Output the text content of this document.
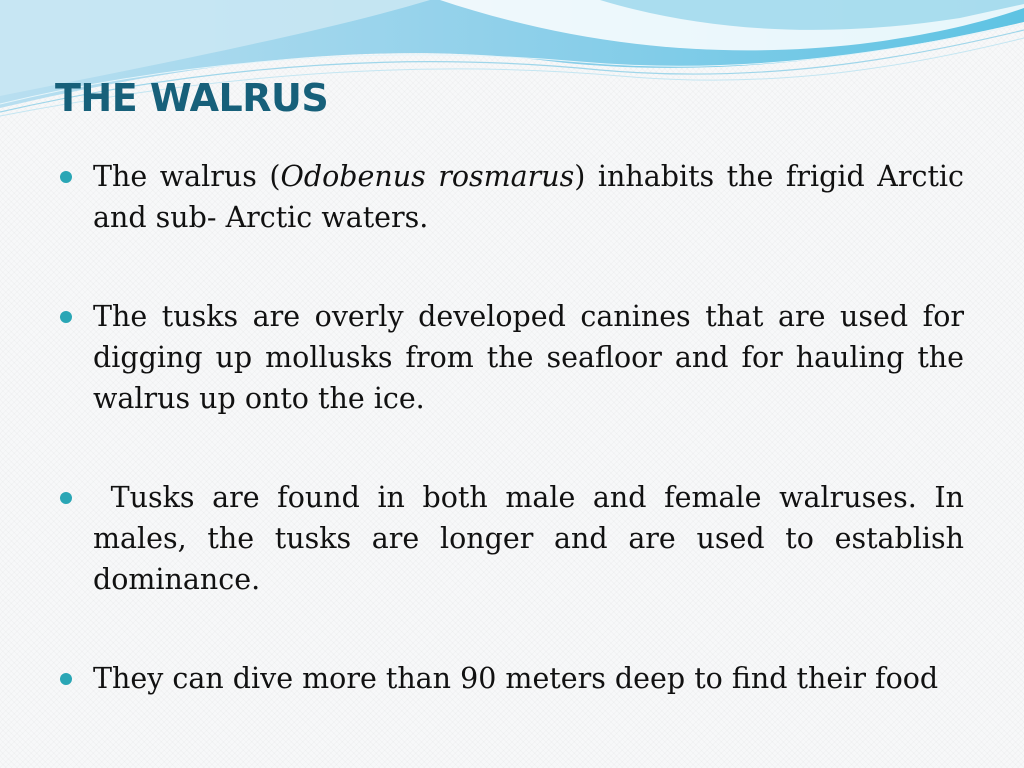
THE WALRUS
The walrus (Odobenus rosmarus) inhabits the frigid Arctic and sub- Arctic waters.
The tusks are overly developed canines that are used for digging up mollusks from the seafloor and for hauling the walrus up onto the ice.
Tusks are found in both male and female walruses. In males, the tusks are longer and are used to establish dominance.
They can dive more than 90 meters deep to find their food
